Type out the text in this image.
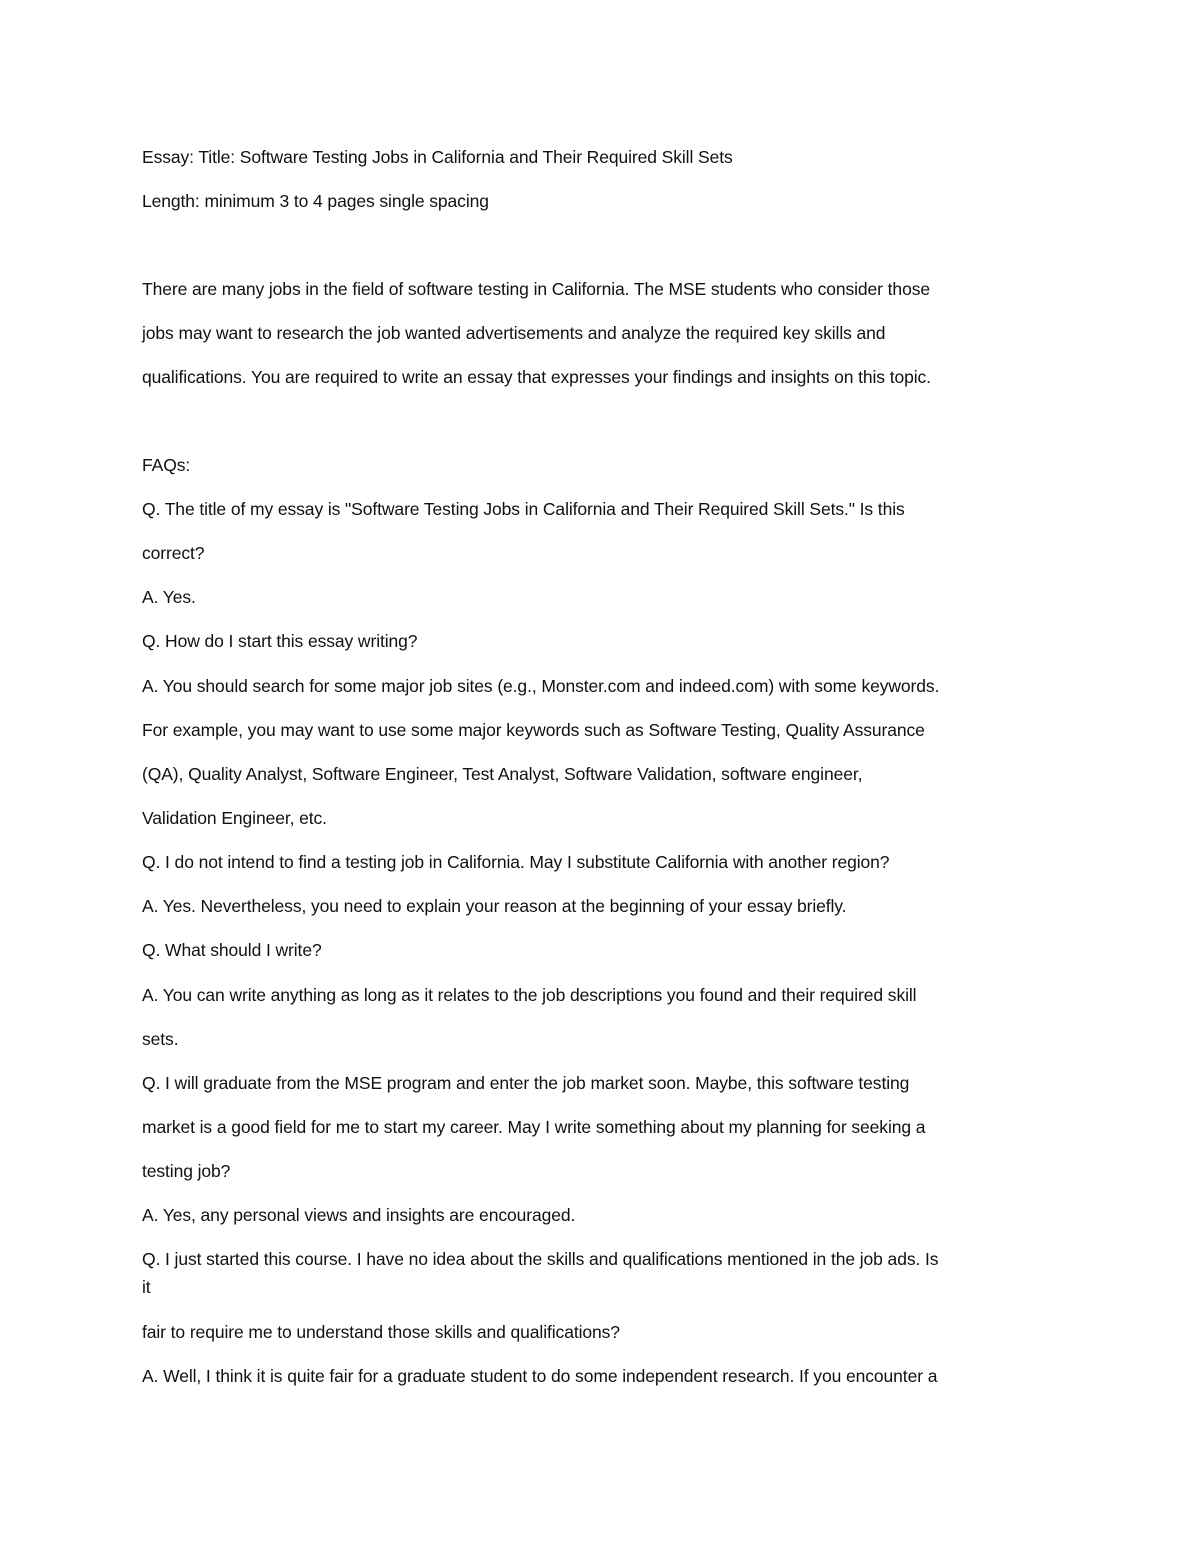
Essay: Title: Software Testing Jobs in California and Their Required Skill Sets

Length: minimum 3 to 4 pages single spacing

There are many jobs in the field of software testing in California. The MSE students who consider those

jobs may want to research the job wanted advertisements and analyze the required key skills and

qualifications. You are required to write an essay that expresses your findings and insights on this topic.

FAQs:

Q. The title of my essay is "Software Testing Jobs in California and Their Required Skill Sets." Is this

correct?

A. Yes.

Q. How do I start this essay writing?

A. You should search for some major job sites (e.g., Monster.com and indeed.com) with some keywords.

For example, you may want to use some major keywords such as Software Testing, Quality Assurance

(QA), Quality Analyst, Software Engineer, Test Analyst, Software Validation, software engineer,

Validation Engineer, etc.

Q. I do not intend to find a testing job in California. May I substitute California with another region?

A. Yes. Nevertheless, you need to explain your reason at the beginning of your essay briefly.

Q. What should I write?

A. You can write anything as long as it relates to the job descriptions you found and their required skill

sets.

Q. I will graduate from the MSE program and enter the job market soon. Maybe, this software testing

market is a good field for me to start my career. May I write something about my planning for seeking a

testing job?

A. Yes, any personal views and insights are encouraged.

Q. I just started this course. I have no idea about the skills and qualifications mentioned in the job ads. Is

it

fair to require me to understand those skills and qualifications?

A. Well, I think it is quite fair for a graduate student to do some independent research. If you encounter a
